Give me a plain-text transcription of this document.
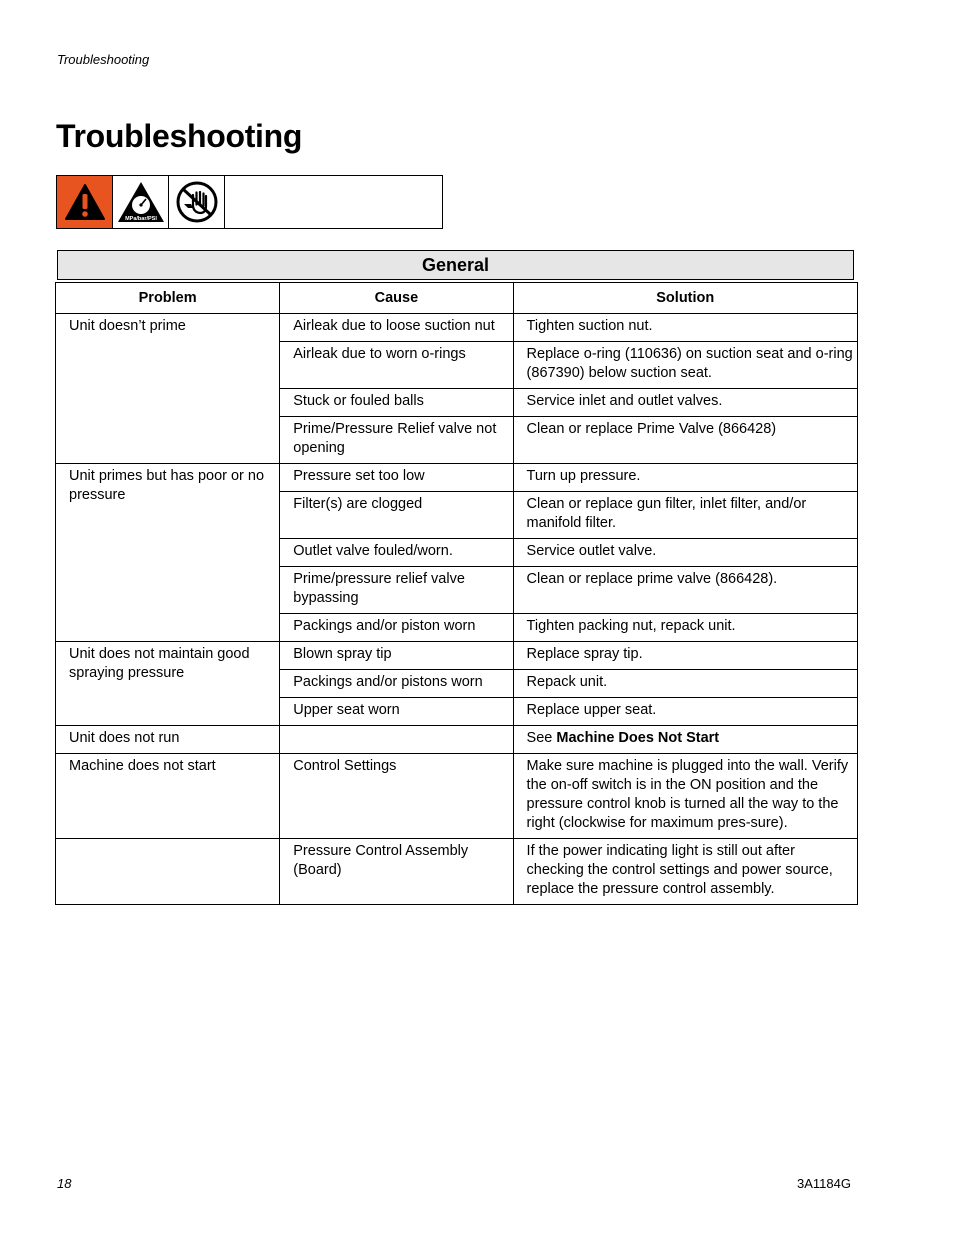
Troubleshooting
Troubleshooting
MPa/bar/PSI
General
Problem	Cause	Solution
Unit doesn’t prime	Airleak due to loose suction nut	Tighten suction nut.
	Airleak due to worn o-rings	Replace o-ring (110636) on suction seat and o-ring (867390) below suction seat.
	Stuck or fouled balls	Service inlet and outlet valves.
	Prime/Pressure Relief valve not opening	Clean or replace Prime Valve (866428)
Unit primes but has poor or no pressure	Pressure set too low	Turn up pressure.
	Filter(s) are clogged	Clean or replace gun filter, inlet filter, and/or manifold filter.
	Outlet valve fouled/worn.	Service outlet valve.
	Prime/pressure relief valve bypassing	Clean or replace prime valve (866428).
	Packings and/or piston worn	Tighten packing nut, repack unit.
Unit does not maintain good spraying pressure	Blown spray tip	Replace spray tip.
	Packings and/or pistons worn	Repack unit.
	Upper seat worn	Replace upper seat.
Unit does not run		See Machine Does Not Start
Machine does not start	Control Settings	Make sure machine is plugged into the wall. Verify the on-off switch is in the ON position and the pressure control knob is turned all the way to the right (clockwise for maximum pres-sure).
	Pressure Control Assembly (Board)	If the power indicating light is still out after checking the control settings and power source, replace the pressure control assembly.
18	3A1184G
